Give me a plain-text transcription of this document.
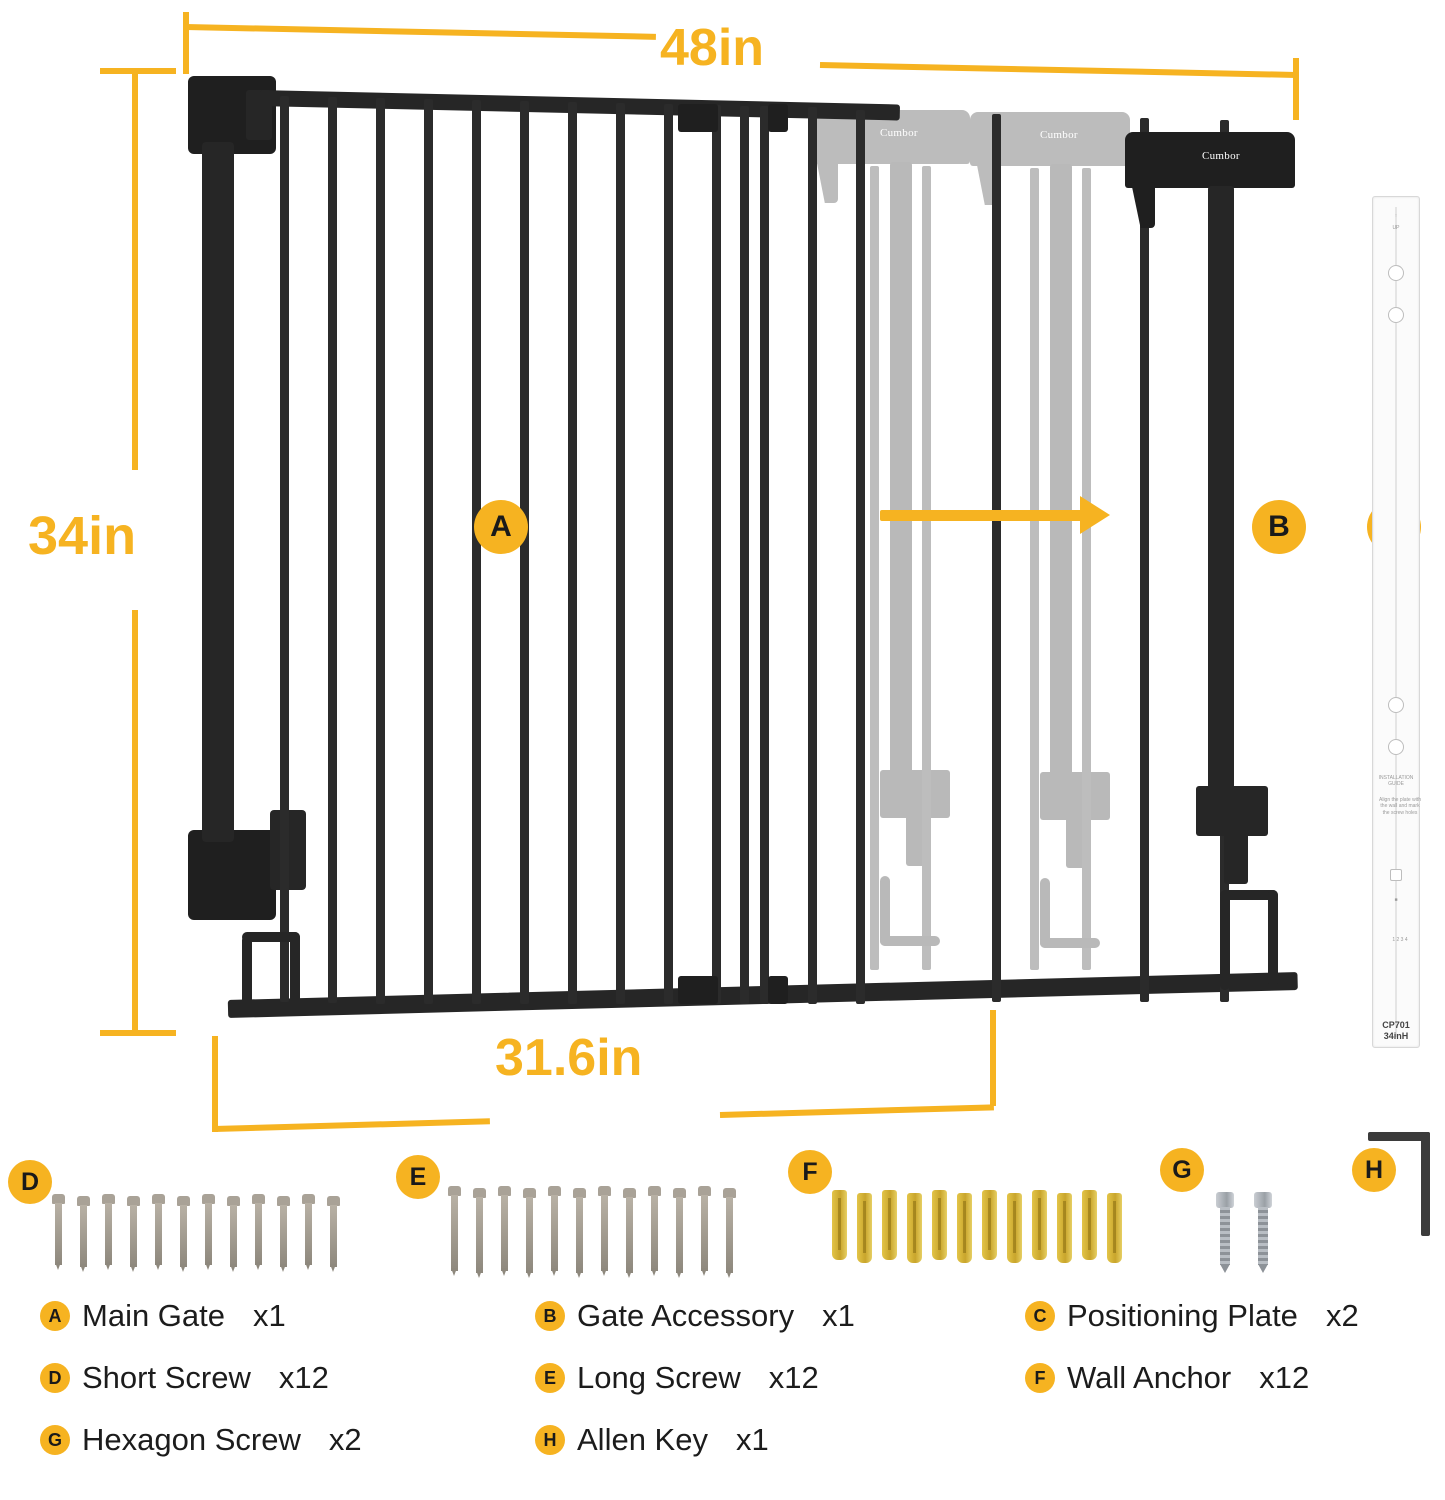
48in
34in
31.6in
Cumbor	Cumbor
Cumbor
A	B
↑
UP
INSTALLATION GUIDE
Align the plate with the wall and mark the screw holes
■
1 2 3 4
CP701
34inH
D	E	F	G	H
A Main Gate x1	B Gate Accessory x1	C Positioning Plate x2
D Short Screw x12	E Long Screw x12	F Wall Anchor x12
G Hexagon Screw x2	H Allen Key x1
